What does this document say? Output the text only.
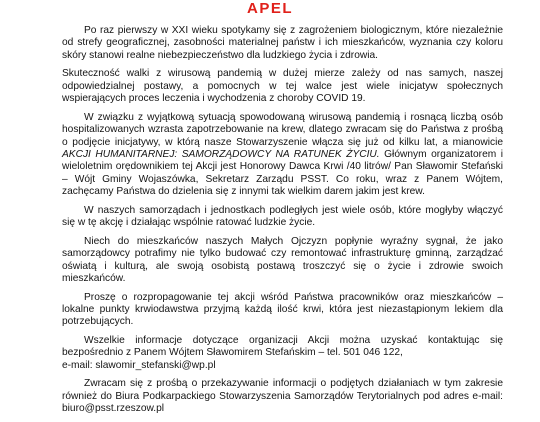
APEL

Po raz pierwszy w XXI wieku spotykamy się z zagrożeniem biologicznym, które niezależnie od strefy geograficznej, zasobności materialnej państw i ich mieszkańców, wyznania czy koloru skóry stanowi realne niebezpieczeństwo dla ludzkiego życia i zdrowia.

Skuteczność walki z wirusową pandemią w dużej mierze zależy od nas samych, naszej odpowiedzialnej postawy, a pomocnych w tej walce jest wiele inicjatyw społecznych wspierających proces leczenia i wychodzenia z choroby COVID 19.

W związku z wyjątkową sytuacją spowodowaną wirusową pandemią i rosnącą liczbą osób hospitalizowanych wzrasta zapotrzebowanie na krew, dlatego zwracam się do Państwa z prośbą o podjęcie inicjatywy, w którą nasze Stowarzyszenie włącza się już od kilku lat, a mianowicie AKCJI HUMANITARNEJ: SAMORZĄDOWCY NA RATUNEK ŻYCIU. Głównym organizatorem i wieloletnim orędownikiem tej Akcji jest Honorowy Dawca Krwi /40 litrów/ Pan Sławomir Stefański – Wójt Gminy Wojaszówka, Sekretarz Zarządu PSST. Co roku, wraz z Panem Wójtem, zachęcamy Państwa do dzielenia się z innymi tak wielkim darem jakim jest krew.

W naszych samorządach i jednostkach podległych jest wiele osób, które mogłyby włączyć się w tę akcję i działając wspólnie ratować ludzkie życie.

Niech do mieszkańców naszych Małych Ojczyzn popłynie wyraźny sygnał, że jako samorządowcy potrafimy nie tylko budować czy remontować infrastrukturę gminną, zarządzać oświatą i kulturą, ale swoją osobistą postawą troszczyć się o życie i zdrowie swoich mieszkańców.

Proszę o rozpropagowanie tej akcji wśród Państwa pracowników oraz mieszkańców – lokalne punkty krwiodawstwa przyjmą każdą ilość krwi, która jest niezastąpionym lekiem dla potrzebujących.

Wszelkie informacje dotyczące organizacji Akcji można uzyskać kontaktując się bezpośrednio z Panem Wójtem Sławomirem Stefańskim – tel. 501 046 122,
e-mail: slawomir_stefanski@wp.pl

Zwracam się z prośbą o przekazywanie informacji o podjętych działaniach w tym zakresie również do Biura Podkarpackiego Stowarzyszenia Samorządów Terytorialnych pod adres e-mail: biuro@psst.rzeszow.pl
